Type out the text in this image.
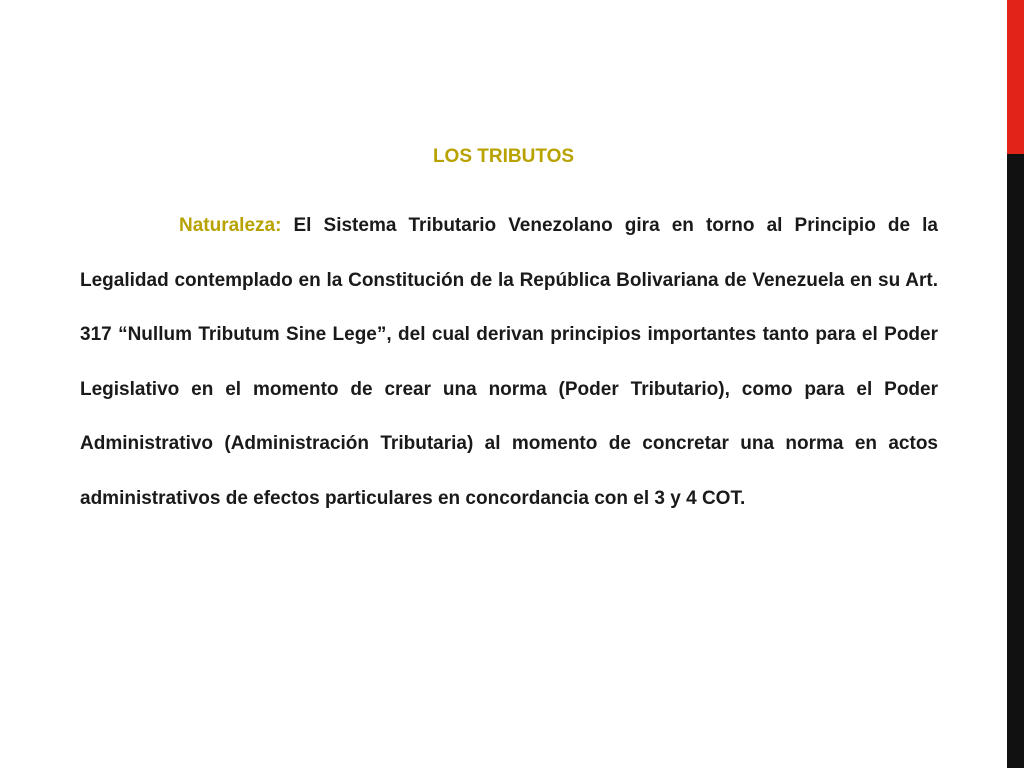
LOS TRIBUTOS

Naturaleza: El Sistema Tributario Venezolano gira en torno al Principio de la Legalidad contemplado en la Constitución de la República Bolivariana de Venezuela en su Art. 317 “Nullum Tributum Sine Lege”, del cual derivan principios importantes tanto para el Poder Legislativo en el momento de crear una norma (Poder Tributario), como para el Poder Administrativo (Administración Tributaria) al momento de concretar una norma en actos administrativos de efectos particulares en concordancia con el 3 y 4 COT.
